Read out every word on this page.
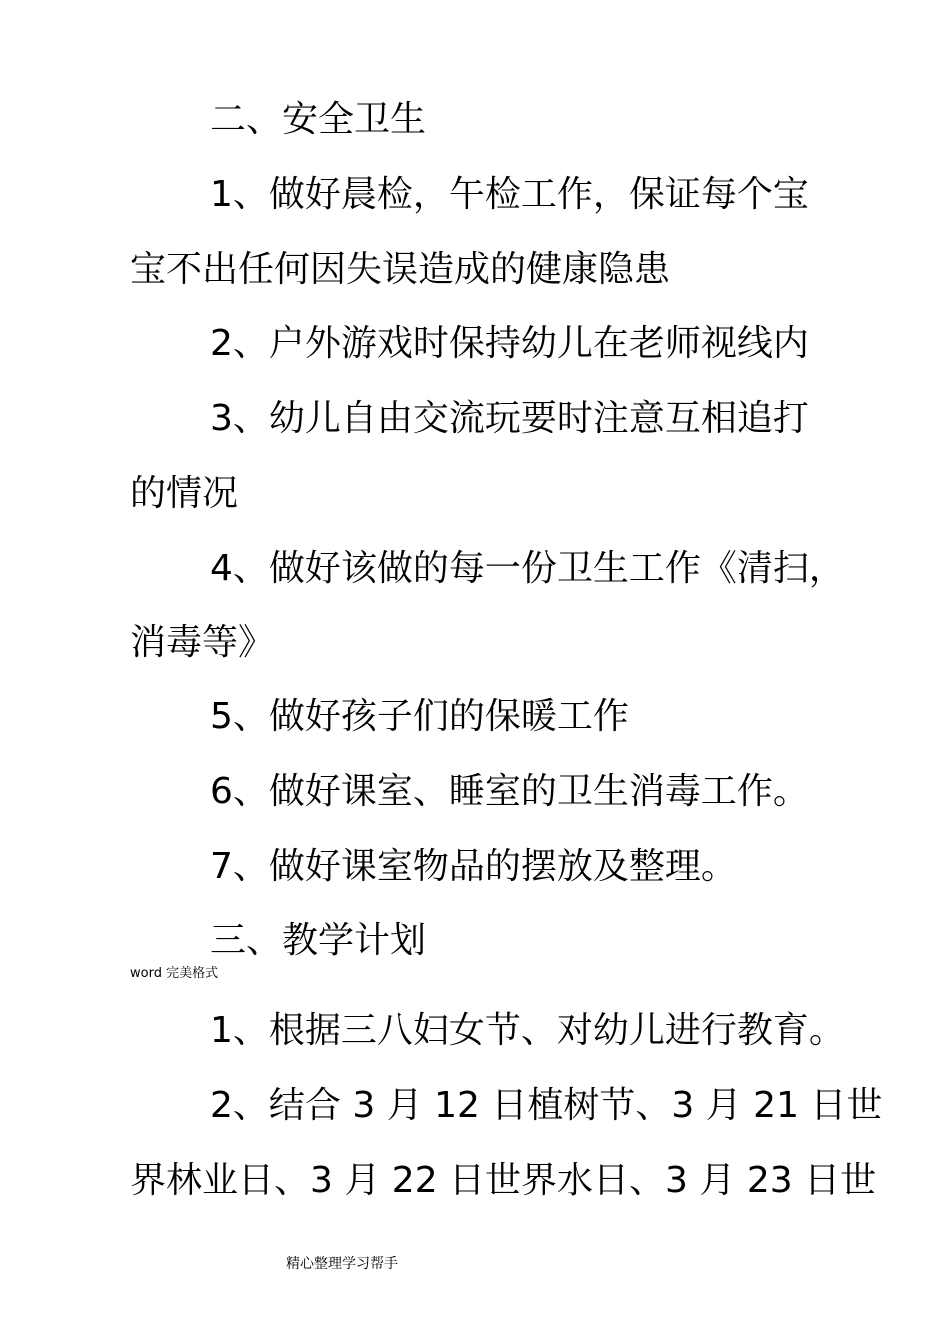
二、安全卫生
1、做好晨检，午检工作，保证每个宝
宝不出任何因失误造成的健康隐患
2、户外游戏时保持幼儿在老师视线内
3、幼儿自由交流玩要时注意互相追打
的情况
4、做好该做的每一份卫生工作《清扫，
消毒等》
5、做好孩子们的保暖工作
6、做好课室、睡室的卫生消毒工作。
7、做好课室物品的摆放及整理。
三、教学计划
word 完美格式
1、根据三八妇女节、对幼儿进行教育。
2、结合 3 月 12 日植树节、3 月 21 日世
界林业日、3 月 22 日世界水日、3 月 23 日世
精心整理学习帮手
